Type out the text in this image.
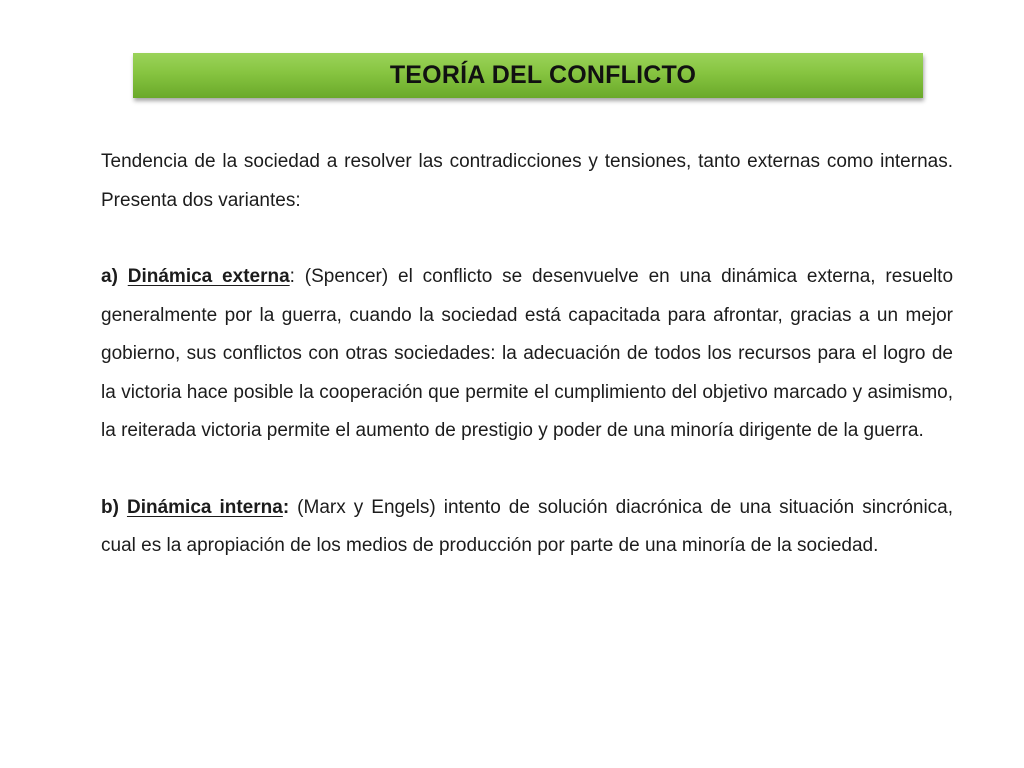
TEORÍA DEL CONFLICTO

Tendencia de la sociedad a resolver las contradicciones y tensiones, tanto externas como internas. Presenta dos variantes:

a) Dinámica externa: (Spencer) el conflicto se desenvuelve en una dinámica externa, resuelto generalmente por la guerra, cuando la sociedad está capacitada para afrontar, gracias a un mejor gobierno, sus conflictos con otras sociedades: la adecuación de todos los recursos para el logro de la victoria hace posible la cooperación que permite el cumplimiento del objetivo marcado y asimismo, la reiterada victoria permite el aumento de prestigio y poder de una minoría dirigente de la guerra.

b) Dinámica interna: (Marx y Engels) intento de solución diacrónica de una situación sincrónica, cual es la apropiación de los medios de producción por parte de una minoría de la sociedad.
